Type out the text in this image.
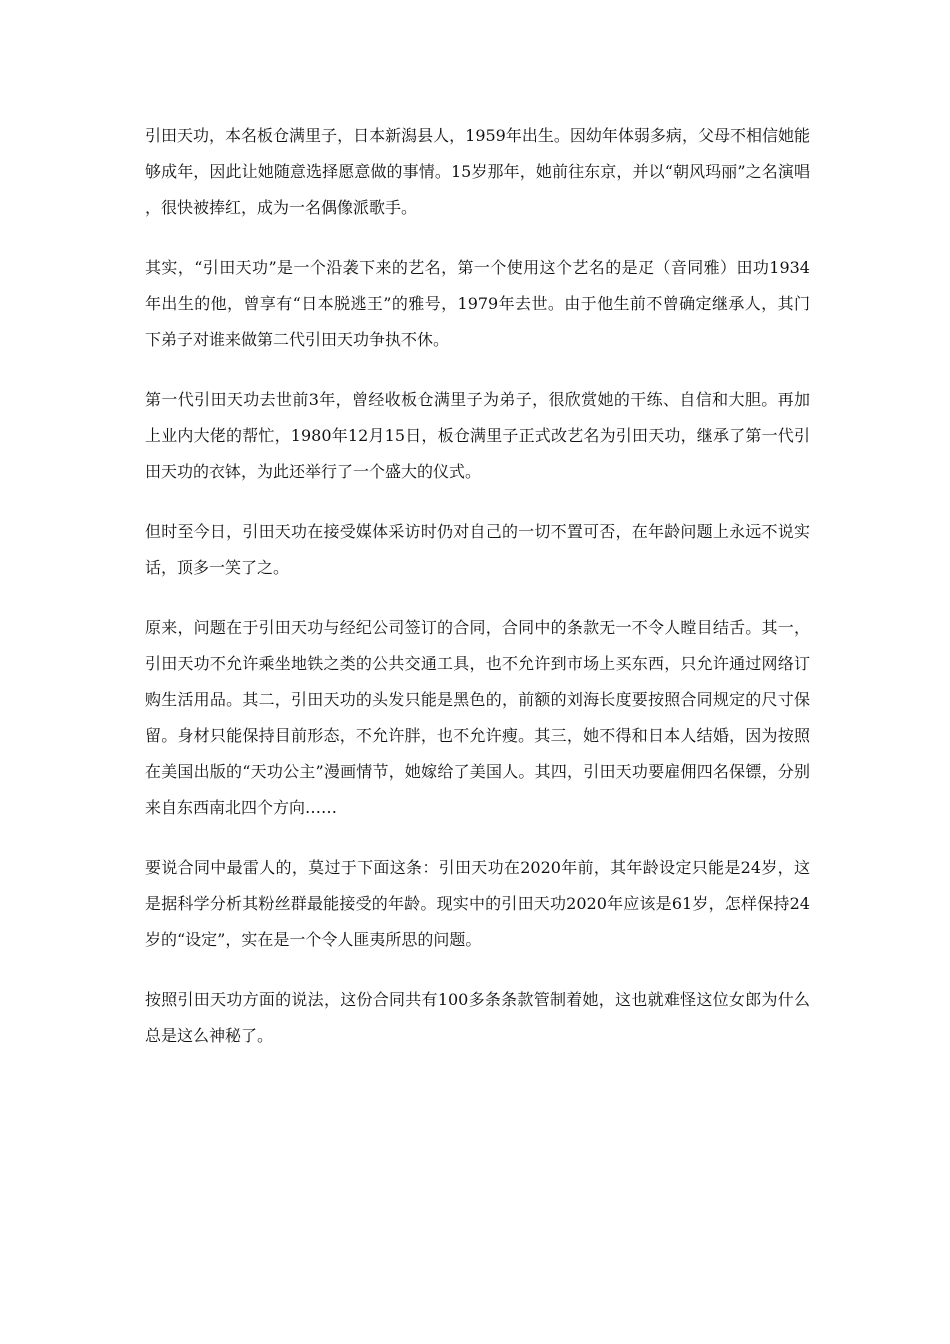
引田天功，本名板仓满里子，日本新潟县人，1959年出生。因幼年体弱多病，父母不相信她能够成年，因此让她随意选择愿意做的事情。15岁那年，她前往东京，并以“朝风玛丽”之名演唱，很快被捧红，成为一名偶像派歌手。

其实，“引田天功”是一个沿袭下来的艺名，第一个使用这个艺名的是疋（音同雅）田功1934年出生的他，曾享有“日本脱逃王”的雅号，1979年去世。由于他生前不曾确定继承人，其门下弟子对谁来做第二代引田天功争执不休。

第一代引田天功去世前3年，曾经收板仓满里子为弟子，很欣赏她的干练、自信和大胆。再加上业内大佬的帮忙，1980年12月15日，板仓满里子正式改艺名为引田天功，继承了第一代引田天功的衣钵，为此还举行了一个盛大的仪式。

但时至今日，引田天功在接受媒体采访时仍对自己的一切不置可否，在年龄问题上永远不说实话，顶多一笑了之。

原来，问题在于引田天功与经纪公司签订的合同，合同中的条款无一不令人瞠目结舌。其一，引田天功不允许乘坐地铁之类的公共交通工具，也不允许到市场上买东西，只允许通过网络订购生活用品。其二，引田天功的头发只能是黑色的，前额的刘海长度要按照合同规定的尺寸保留。身材只能保持目前形态，不允许胖，也不允许瘦。其三，她不得和日本人结婚，因为按照在美国出版的“天功公主”漫画情节，她嫁给了美国人。其四，引田天功要雇佣四名保镖，分别来自东西南北四个方向……

要说合同中最雷人的，莫过于下面这条：引田天功在2020年前，其年龄设定只能是24岁，这是据科学分析其粉丝群最能接受的年龄。现实中的引田天功2020年应该是61岁，怎样保持24岁的“设定”，实在是一个令人匪夷所思的问题。

按照引田天功方面的说法，这份合同共有100多条条款管制着她，这也就难怪这位女郎为什么总是这么神秘了。
